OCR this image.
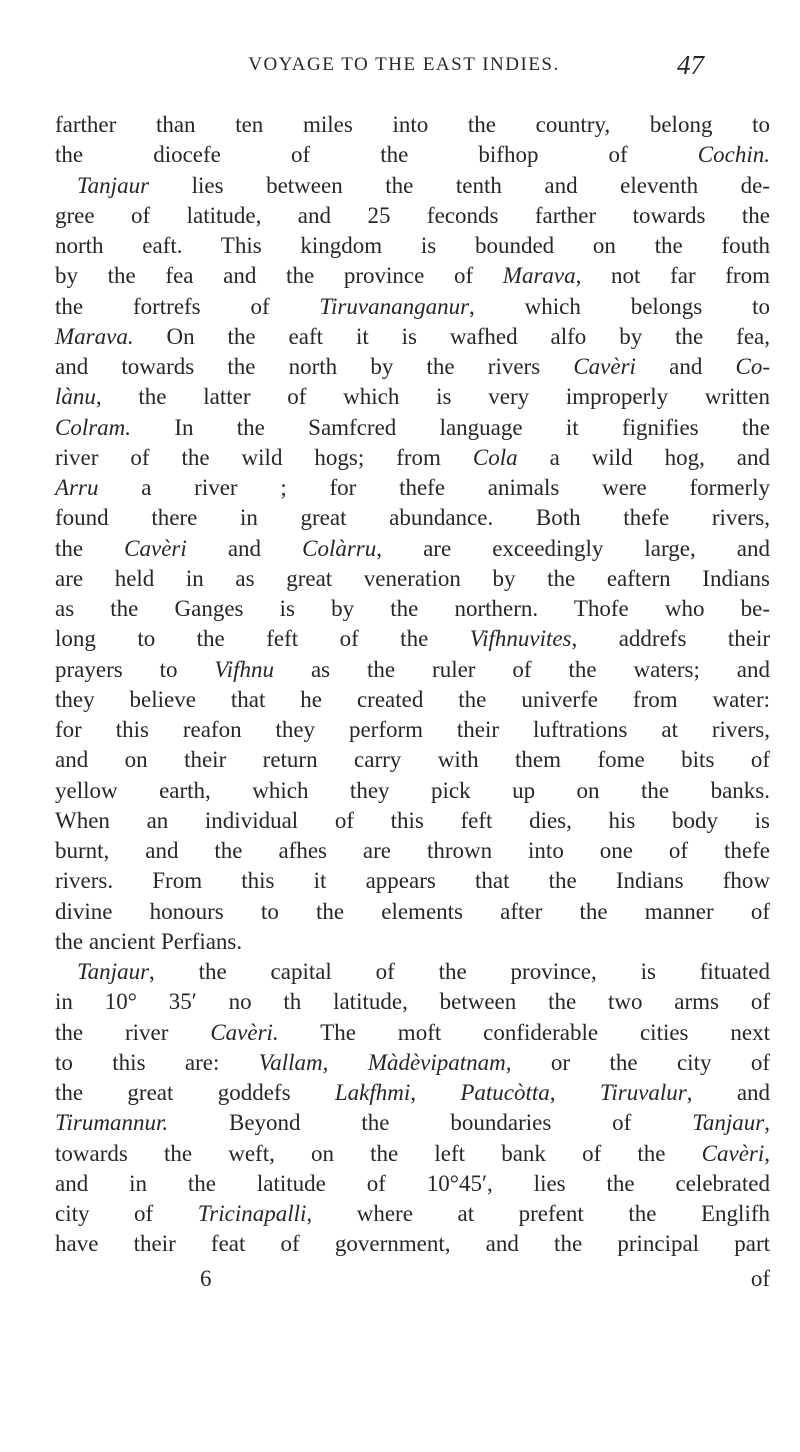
VOYAGE TO THE EAST INDIES.	47
farther than ten miles into the country, belong to
the diocefe of the bifhop of Cochin.
Tanjaur lies between the tenth and eleventh de-
gree of latitude, and 25 feconds farther towards the
north eaft. This kingdom is bounded on the fouth
by the fea and the province of Marava, not far from
the fortrefs of Tiruvananganur, which belongs to
Marava. On the eaft it is wafhed alfo by the fea,
and towards the north by the rivers Cavèri and Co-
lànu, the latter of which is very improperly written
Colram. In the Samfcred language it fignifies the
river of the wild hogs; from Cola a wild hog, and
Arru a river ; for thefe animals were formerly
found there in great abundance. Both thefe rivers,
the Cavèri and Colàrru, are exceedingly large, and
are held in as great veneration by the eaftern Indians
as the Ganges is by the northern. Thofe who be-
long to the feft of the Vifhnuvites, addrefs their
prayers to Vifhnu as the ruler of the waters; and
they believe that he created the univerfe from water:
for this reafon they perform their luftrations at rivers,
and on their return carry with them fome bits of
yellow earth, which they pick up on the banks.
When an individual of this feft dies, his body is
burnt, and the afhes are thrown into one of thefe
rivers. From this it appears that the Indians fhow
divine honours to the elements after the manner of
the ancient Perfians.
Tanjaur, the capital of the province, is fituated
in 10° 35′ no th latitude, between the two arms of
the river Cavèri. The moft confiderable cities next
to this are: Vallam, Màdèvipatnam, or the city of
the great goddefs Lakfhmi, Patucòtta, Tiruvalur, and
Tirumannur. Beyond the boundaries of Tanjaur,
towards the weft, on the left bank of the Cavèri,
and in the latitude of 10°45′, lies the celebrated
city of Tricinapalli, where at prefent the Englifh
have their feat of government, and the principal part
6	of
